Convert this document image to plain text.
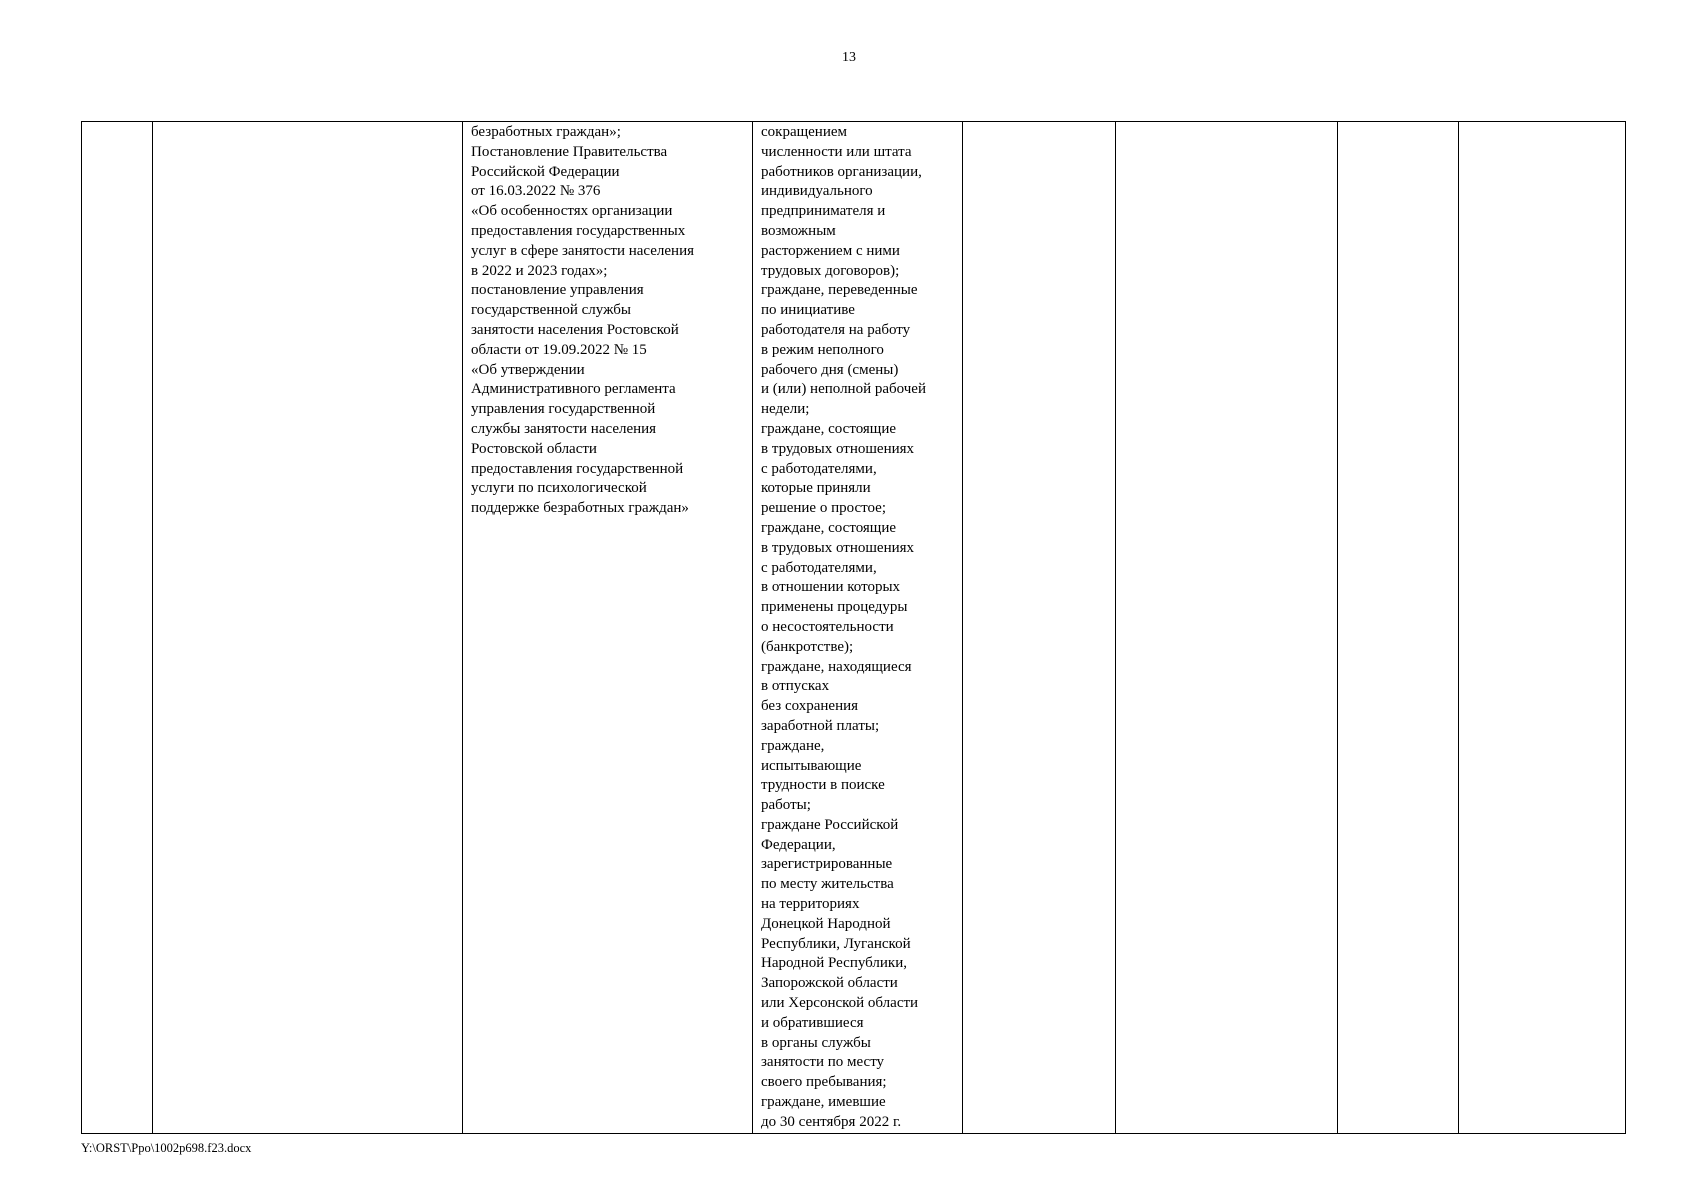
13

безработных граждан»;
Постановление Правительства
Российской Федерации
от 16.03.2022 № 376
«Об особенностях организации
предоставления государственных
услуг в сфере занятости населения
в 2022 и 2023 годах»;
постановление управления
государственной службы
занятости населения Ростовской
области от 19.09.2022 № 15
«Об утверждении
Административного регламента
управления государственной
службы занятости населения
Ростовской области
предоставления государственной
услуги по психологической
поддержке безработных граждан»

сокращением
численности или штата
работников организации,
индивидуального
предпринимателя и
возможным
расторжением с ними
трудовых договоров);
граждане, переведенные
по инициативе
работодателя на работу
в режим неполного
рабочего дня (смены)
и (или) неполной рабочей
недели;
граждане, состоящие
в трудовых отношениях
с работодателями,
которые приняли
решение о простое;
граждане, состоящие
в трудовых отношениях
с работодателями,
в отношении которых
применены процедуры
о несостоятельности
(банкротстве);
граждане, находящиеся
в отпусках
без сохранения
заработной платы;
граждане,
испытывающие
трудности в поиске
работы;
граждане Российской
Федерации,
зарегистрированные
по месту жительства
на территориях
Донецкой Народной
Республики, Луганской
Народной Республики,
Запорожской области
или Херсонской области
и обратившиеся
в органы службы
занятости по месту
своего пребывания;
граждане, имевшие
до 30 сентября 2022 г.

Y:\ORST\Ppo\1002p698.f23.docx
